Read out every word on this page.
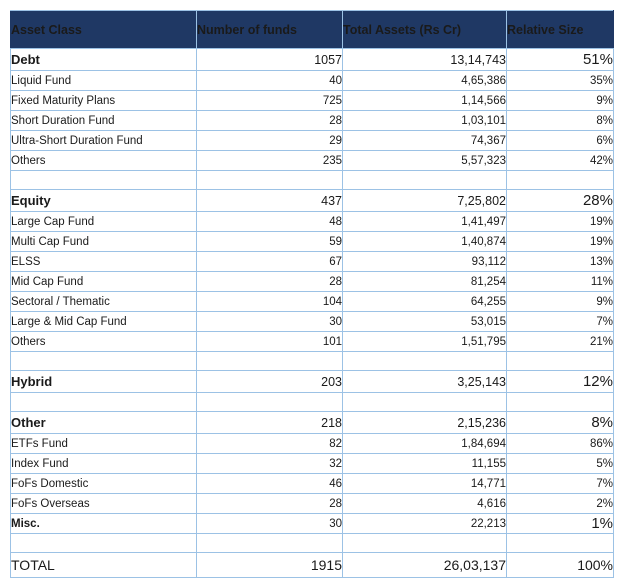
Asset Class	Number of funds	Total Assets (Rs Cr)	Relative Size
Debt	1057	13,14,743	51%
Liquid Fund	40	4,65,386	35%
Fixed Maturity Plans	725	1,14,566	9%
Short Duration Fund	28	1,03,101	8%
Ultra-Short Duration Fund	29	74,367	6%
Others	235	5,57,323	42%

Equity	437	7,25,802	28%
Large Cap Fund	48	1,41,497	19%
Multi Cap Fund	59	1,40,874	19%
ELSS	67	93,112	13%
Mid Cap Fund	28	81,254	11%
Sectoral / Thematic	104	64,255	9%
Large & Mid Cap Fund	30	53,015	7%
Others	101	1,51,795	21%

Hybrid	203	3,25,143	12%

Other	218	2,15,236	8%
ETFs Fund	82	1,84,694	86%
Index Fund	32	11,155	5%
FoFs Domestic	46	14,771	7%
FoFs Overseas	28	4,616	2%
Misc.	30	22,213	1%

TOTAL	1915	26,03,137	100%
